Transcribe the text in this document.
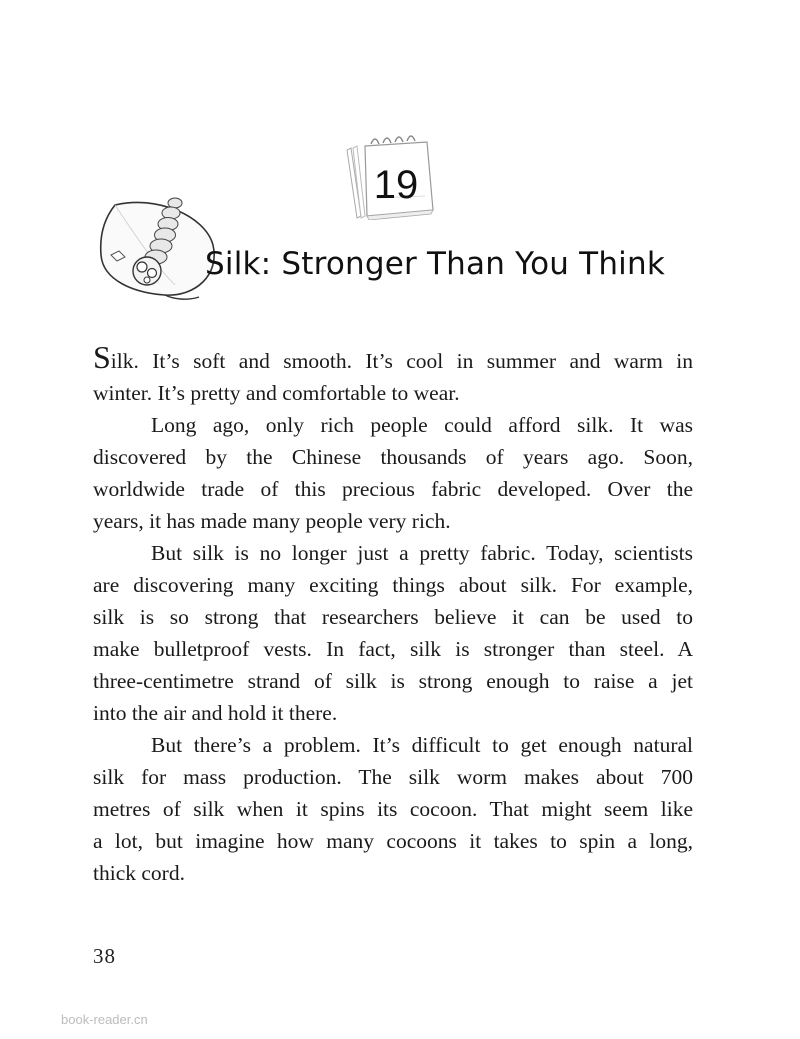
19
Silk: Stronger Than You Think
Silk. It’s soft and smooth. It’s cool in summer and warm in
winter. It’s pretty and comfortable to wear.
Long ago, only rich people could afford silk. It was
discovered by the Chinese thousands of years ago. Soon,
worldwide trade of this precious fabric developed. Over the
years, it has made many people very rich.
But silk is no longer just a pretty fabric. Today, scientists
are discovering many exciting things about silk. For example,
silk is so strong that researchers believe it can be used to
make bulletproof vests. In fact, silk is stronger than steel. A
three-centimetre strand of silk is strong enough to raise a jet
into the air and hold it there.
But there’s a problem. It’s difficult to get enough natural
silk for mass production. The silk worm makes about 700
metres of silk when it spins its cocoon. That might seem like
a lot, but imagine how many cocoons it takes to spin a long,
thick cord.
38
book-reader.cn
